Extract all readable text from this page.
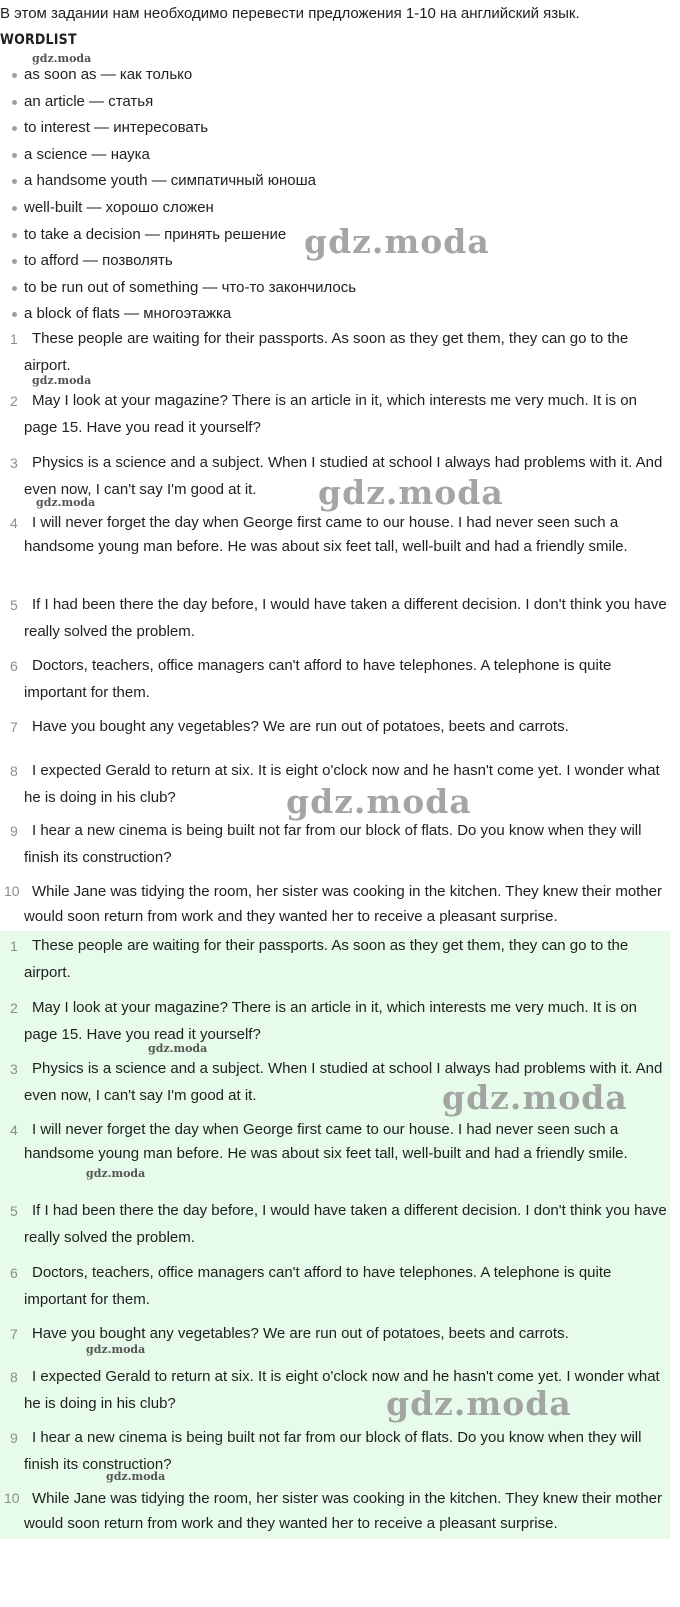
В этом задании нам необходимо перевести предложения 1-10 на английский язык.
WORDLIST
as soon as — как только
an article — статья
to interest — интересовать
a science — наука
a handsome youth — симпатичный юноша
well-built — хорошо сложен
to take a decision — принять решение
to afford — позволять
to be run out of something — что-то закончилось
a block of flats — многоэтажка
1 These people are waiting for their passports. As soon as they get them, they can go to the airport.
2 May I look at your magazine? There is an article in it, which interests me very much. It is on page 15. Have you read it yourself?
3 Physics is a science and a subject. When I studied at school I always had problems with it. And even now, I can't say I'm good at it.
4 I will never forget the day when George first came to our house. I had never seen such a handsome young man before. He was about six feet tall, well-built and had a friendly smile.
5 If I had been there the day before, I would have taken a different decision. I don't think you have really solved the problem.
6 Doctors, teachers, office managers can't afford to have telephones. A telephone is quite important for them.
7 Have you bought any vegetables? We are run out of potatoes, beets and carrots.
8 I expected Gerald to return at six. It is eight o'clock now and he hasn't come yet. I wonder what he is doing in his club?
9 I hear a new cinema is being built not far from our block of flats. Do you know when they will finish its construction?
10 While Jane was tidying the room, her sister was cooking in the kitchen. They knew their mother would soon return from work and they wanted her to receive a pleasant surprise.
1 These people are waiting for their passports. As soon as they get them, they can go to the airport.
2 May I look at your magazine? There is an article in it, which interests me very much. It is on page 15. Have you read it yourself?
3 Physics is a science and a subject. When I studied at school I always had problems with it. And even now, I can't say I'm good at it.
4 I will never forget the day when George first came to our house. I had never seen such a handsome young man before. He was about six feet tall, well-built and had a friendly smile.
5 If I had been there the day before, I would have taken a different decision. I don't think you have really solved the problem.
6 Doctors, teachers, office managers can't afford to have telephones. A telephone is quite important for them.
7 Have you bought any vegetables? We are run out of potatoes, beets and carrots.
8 I expected Gerald to return at six. It is eight o'clock now and he hasn't come yet. I wonder what he is doing in his club?
9 I hear a new cinema is being built not far from our block of flats. Do you know when they will finish its construction?
10 While Jane was tidying the room, her sister was cooking in the kitchen. They knew their mother would soon return from work and they wanted her to receive a pleasant surprise.
gdz.moda
gdz.moda
gdz.moda
gdz.moda	gdz.moda
gdz.moda
gdz.moda
gdz.moda
gdz.moda
gdz.moda
gdz.moda
gdz.moda
